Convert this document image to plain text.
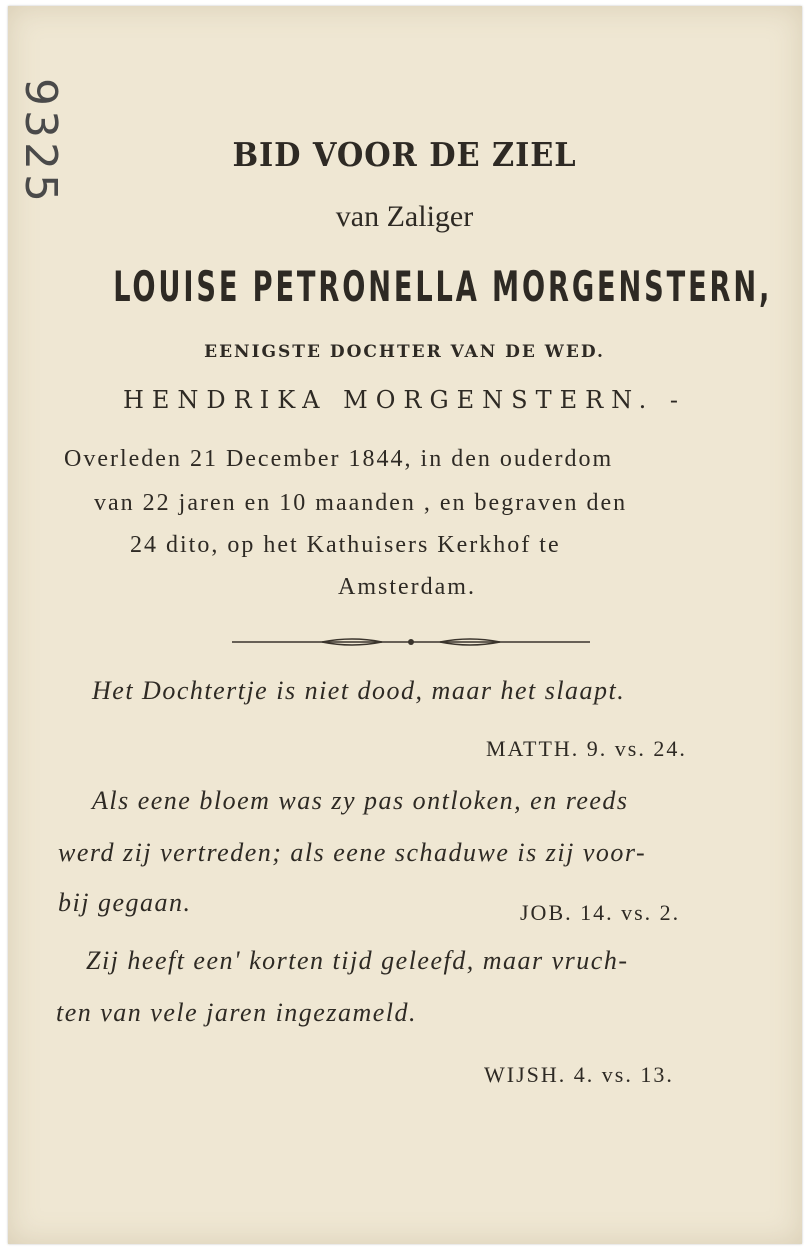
9325	BID VOOR DE ZIEL
van Zaliger
LOUISE PETRONELLA MORGENSTERN,
EENIGSTE DOCHTER VAN DE WED.
HENDRIKA MORGENSTERN. -
Overleden 21 December 1844, in den ouderdom
van 22 jaren en 10 maanden , en begraven den
24 dito, op het Kathuisers Kerkhof te
Amsterdam.
Het Dochtertje is niet dood, maar het slaapt.
MATTH. 9. vs. 24.
Als eene bloem was zy pas ontloken, en reeds
werd zij vertreden; als eene schaduwe is zij voor-
bij gegaan.	JOB. 14. vs. 2.
Zij heeft een' korten tijd geleefd, maar vruch-
ten van vele jaren ingezameld.
WIJSH. 4. vs. 13.
